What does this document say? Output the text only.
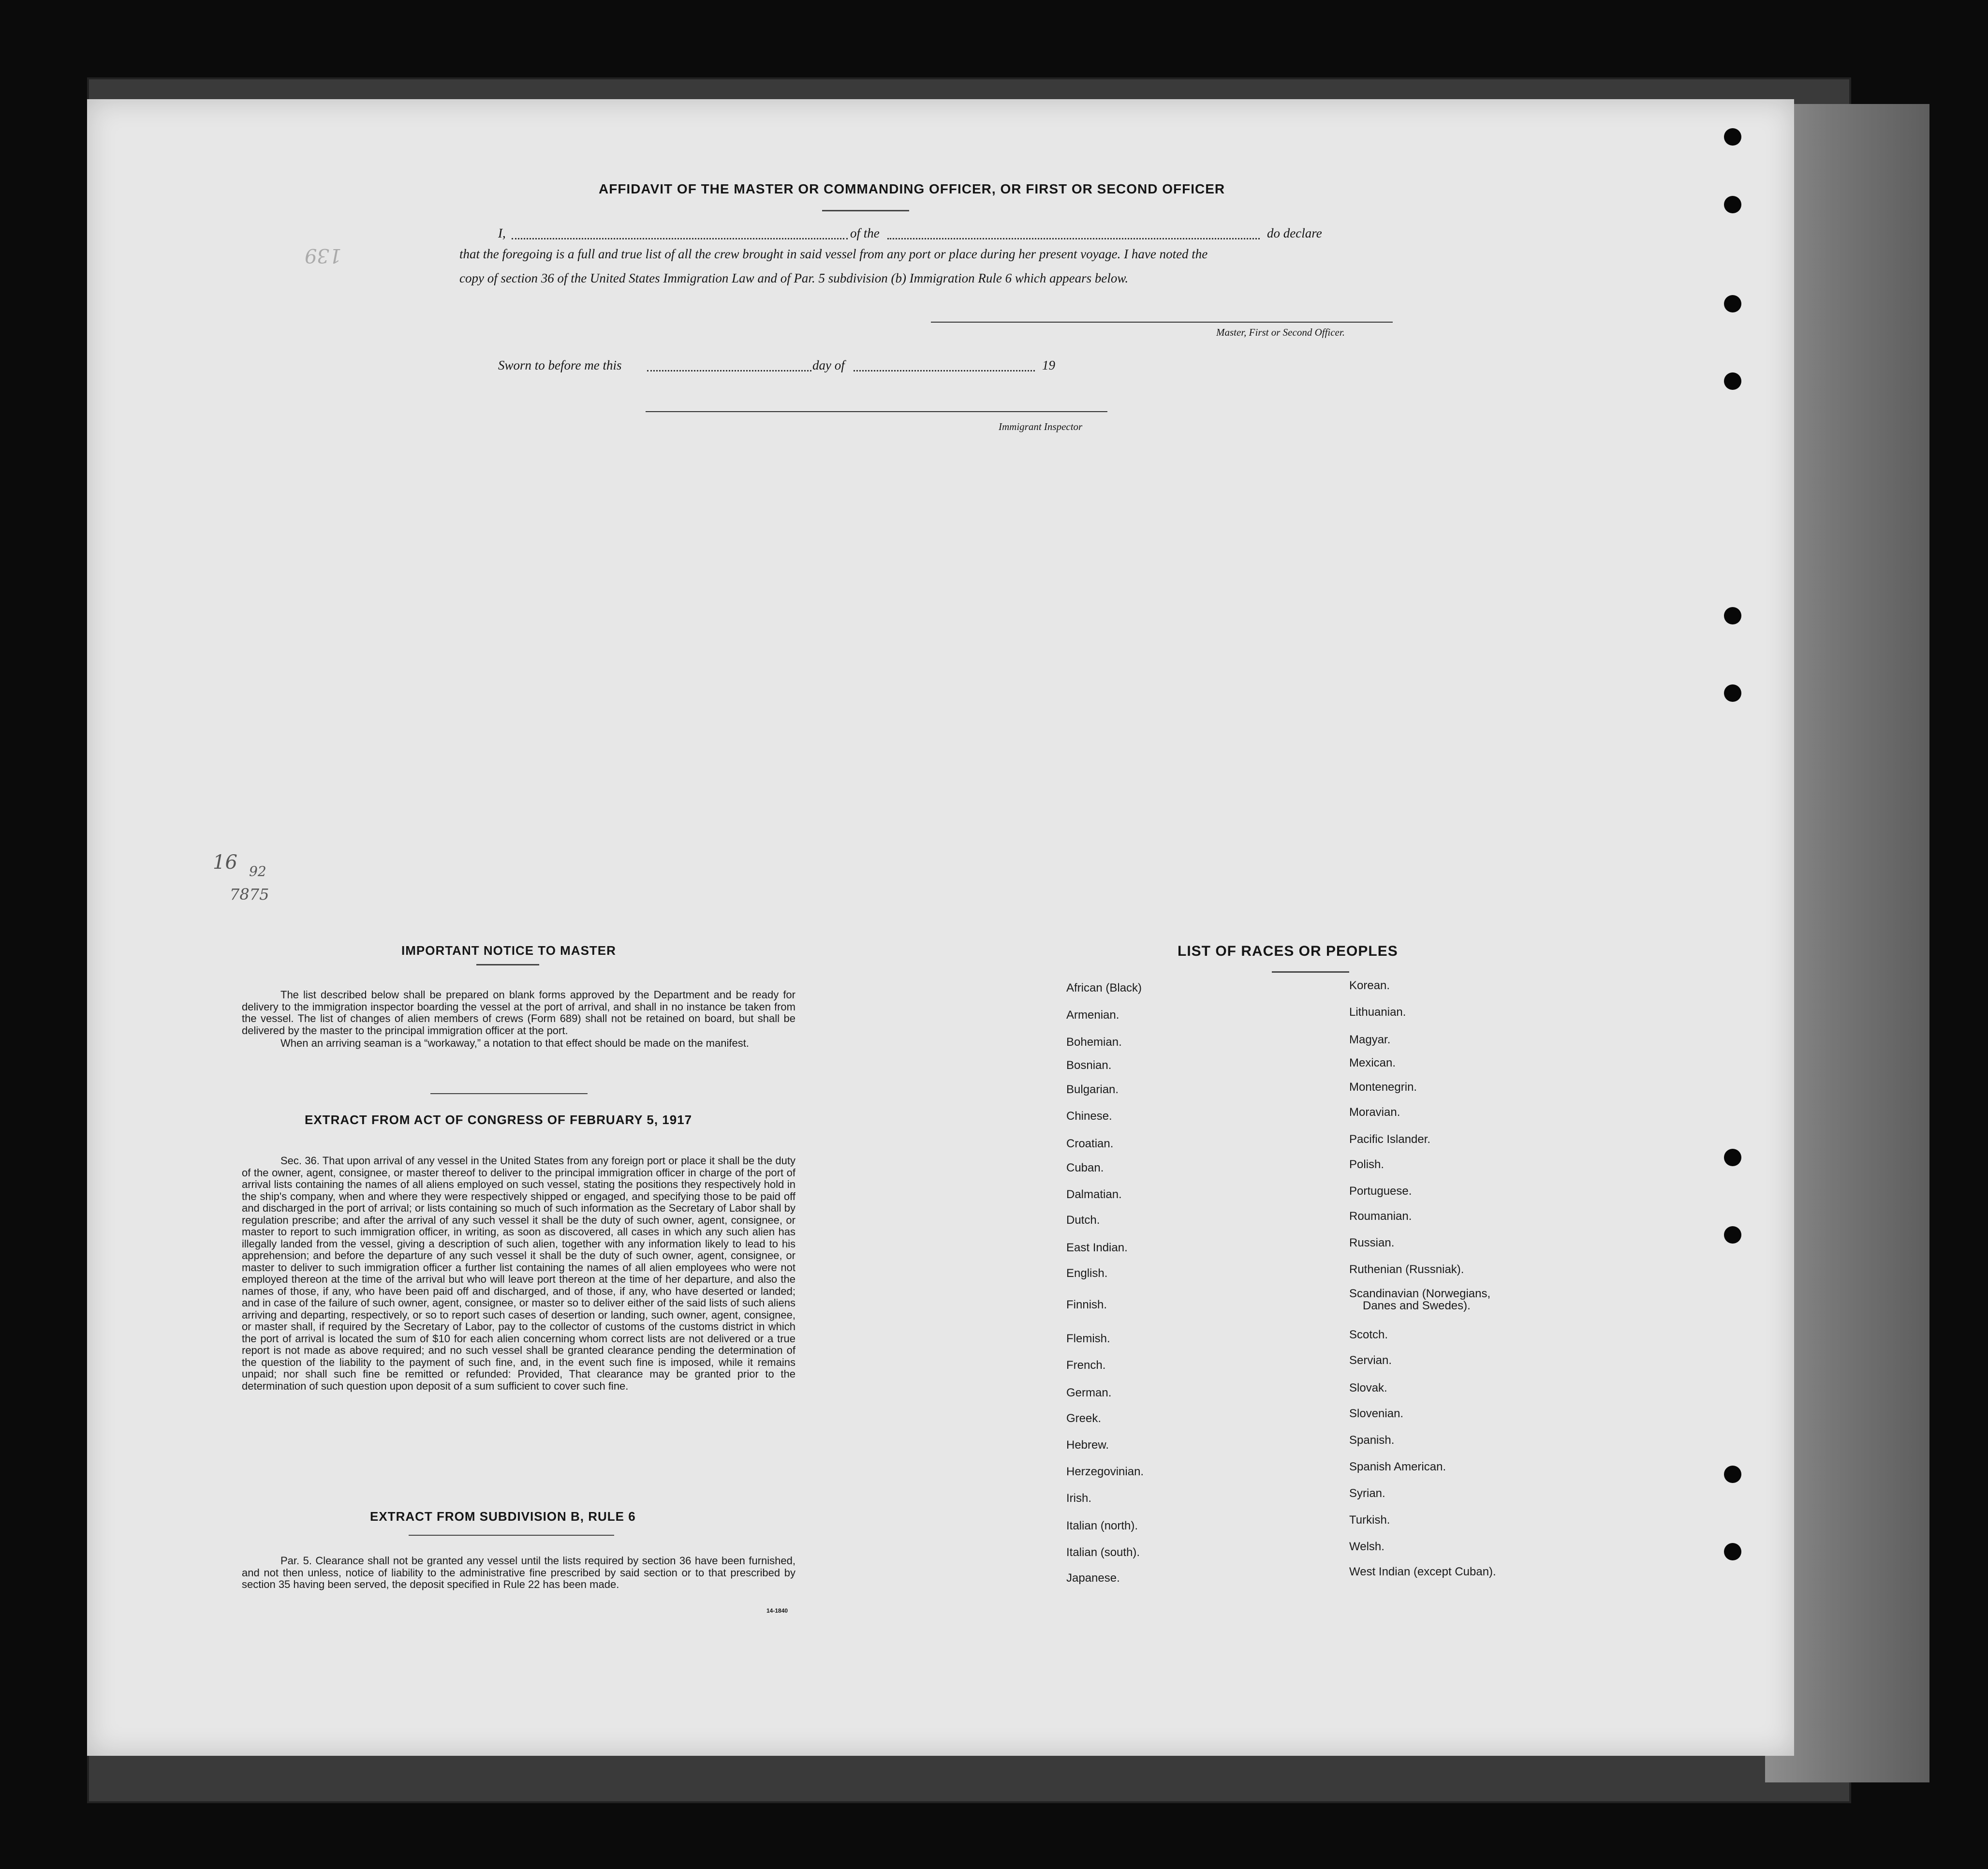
139
16 92
7875
AFFIDAVIT OF THE MASTER OR COMMANDING OFFICER, OR FIRST OR SECOND OFFICER
I,	of the	do declare
that the foregoing is a full and true list of all the crew brought in said vessel from any port or place during her present voyage. I have noted the
copy of section 36 of the United States Immigration Law and of Par. 5 subdivision (b) Immigration Rule 6 which appears below.
Master, First or Second Officer.
Sworn to before me this	day of	19
Immigrant Inspector
IMPORTANT NOTICE TO MASTER
The list described below shall be prepared on blank forms approved by the Department and be ready for delivery to the immigration inspector boarding the vessel at the port of arrival, and shall in no instance be taken from the vessel. The list of changes of alien members of crews (Form 689) shall not be retained on board, but shall be delivered by the master to the principal immigration officer at the port.
When an arriving seaman is a “workaway,” a notation to that effect should be made on the manifest.
EXTRACT FROM ACT OF CONGRESS OF FEBRUARY 5, 1917
Sec. 36. That upon arrival of any vessel in the United States from any foreign port or place it shall be the duty of the owner, agent, consignee, or master thereof to deliver to the principal immigration officer in charge of the port of arrival lists containing the names of all aliens employed on such vessel, stating the positions they respectively hold in the ship's company, when and where they were respectively shipped or engaged, and specifying those to be paid off and discharged in the port of arrival; or lists containing so much of such information as the Secretary of Labor shall by regulation prescribe; and after the arrival of any such vessel it shall be the duty of such owner, agent, consignee, or master to report to such immigration officer, in writing, as soon as discovered, all cases in which any such alien has illegally landed from the vessel, giving a description of such alien, together with any information likely to lead to his apprehension; and before the departure of any such vessel it shall be the duty of such owner, agent, consignee, or master to deliver to such immigration officer a further list containing the names of all alien employees who were not employed thereon at the time of the arrival but who will leave port thereon at the time of her departure, and also the names of those, if any, who have been paid off and discharged, and of those, if any, who have deserted or landed; and in case of the failure of such owner, agent, consignee, or master so to deliver either of the said lists of such aliens arriving and departing, respectively, or so to report such cases of desertion or landing, such owner, agent, consignee, or master shall, if required by the Secretary of Labor, pay to the collector of customs of the customs district in which the port of arrival is located the sum of $10 for each alien concerning whom correct lists are not delivered or a true report is not made as above required; and no such vessel shall be granted clearance pending the determination of the question of the liability to the payment of such fine, and, in the event such fine is imposed, while it remains unpaid; nor shall such fine be remitted or refunded: Provided, That clearance may be granted prior to the determination of such question upon deposit of a sum sufficient to cover such fine.
EXTRACT FROM SUBDIVISION B, RULE 6
Par. 5. Clearance shall not be granted any vessel until the lists required by section 36 have been furnished, and not then unless, notice of liability to the administrative fine prescribed by said section or to that prescribed by section 35 having been served, the deposit specified in Rule 22 has been made.
14-1840
LIST OF RACES OR PEOPLES
African (Black)
Armenian.
Bohemian.
Bosnian.
Bulgarian.
Chinese.
Croatian.
Cuban.
Dalmatian.
Dutch.
East Indian.
English.
Finnish.
Flemish.
French.
German.
Greek.
Hebrew.
Herzegovinian.
Irish.
Italian (north).
Italian (south).
Japanese.
Korean.
Lithuanian.
Magyar.
Mexican.
Montenegrin.
Moravian.
Pacific Islander.
Polish.
Portuguese.
Roumanian.
Russian.
Ruthenian (Russniak).
Scandinavian (Norwegians,
Danes and Swedes).
Scotch.
Servian.
Slovak.
Slovenian.
Spanish.
Spanish American.
Syrian.
Turkish.
Welsh.
West Indian (except Cuban).
